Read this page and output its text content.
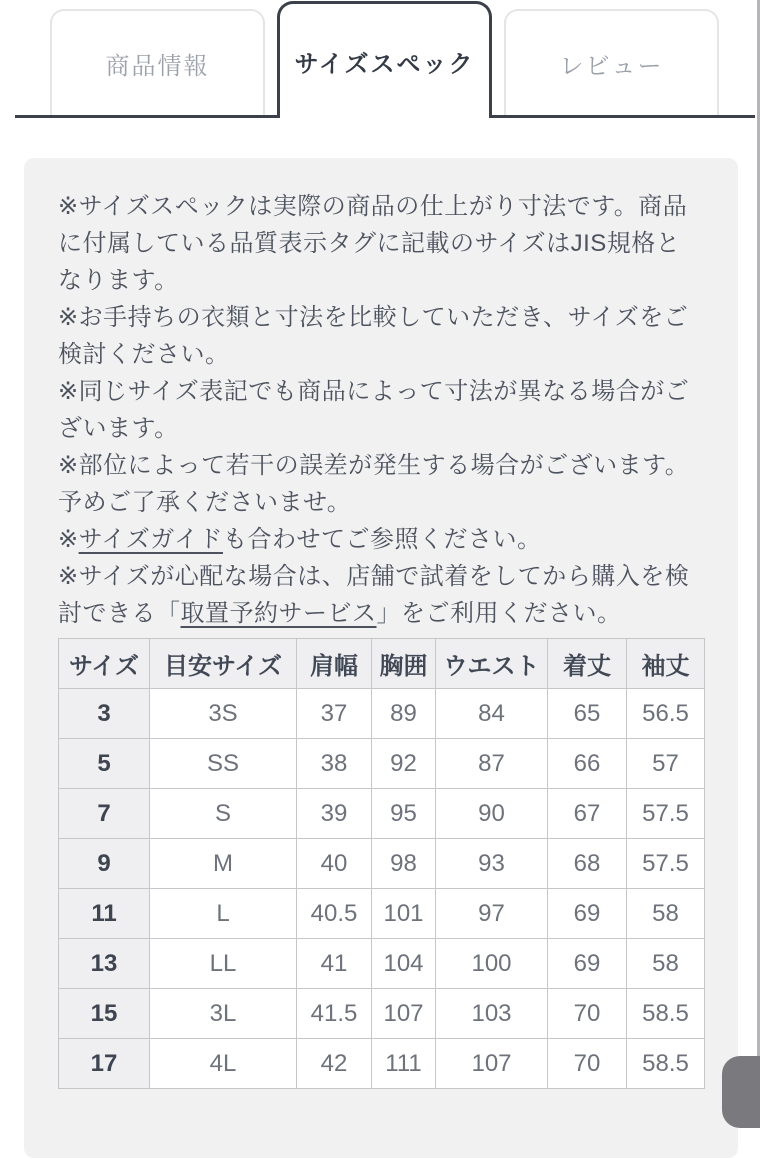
商品情報	サイズスペック	レビュー

※サイズスペックは実際の商品の仕上がり寸法です。商品に付属している品質表示タグに記載のサイズはJIS規格となります。

※お手持ちの衣類と寸法を比較していただき、サイズをご検討ください。

※同じサイズ表記でも商品によって寸法が異なる場合がございます。

※部位によって若干の誤差が発生する場合がございます。予めご了承くださいませ。

※サイズガイドも合わせてご参照ください。

※サイズが心配な場合は、店舗で試着をしてから購入を検討できる「取置予約サービス」をご利用ください。

サイズ	目安サイズ	肩幅	胸囲	ウエスト	着丈	袖丈
3	3S	37	89	84	65	56.5
5	SS	38	92	87	66	57
7	S	39	95	90	67	57.5
9	M	40	98	93	68	57.5
11	L	40.5	101	97	69	58
13	LL	41	104	100	69	58
15	3L	41.5	107	103	70	58.5
17	4L	42	111	107	70	58.5
